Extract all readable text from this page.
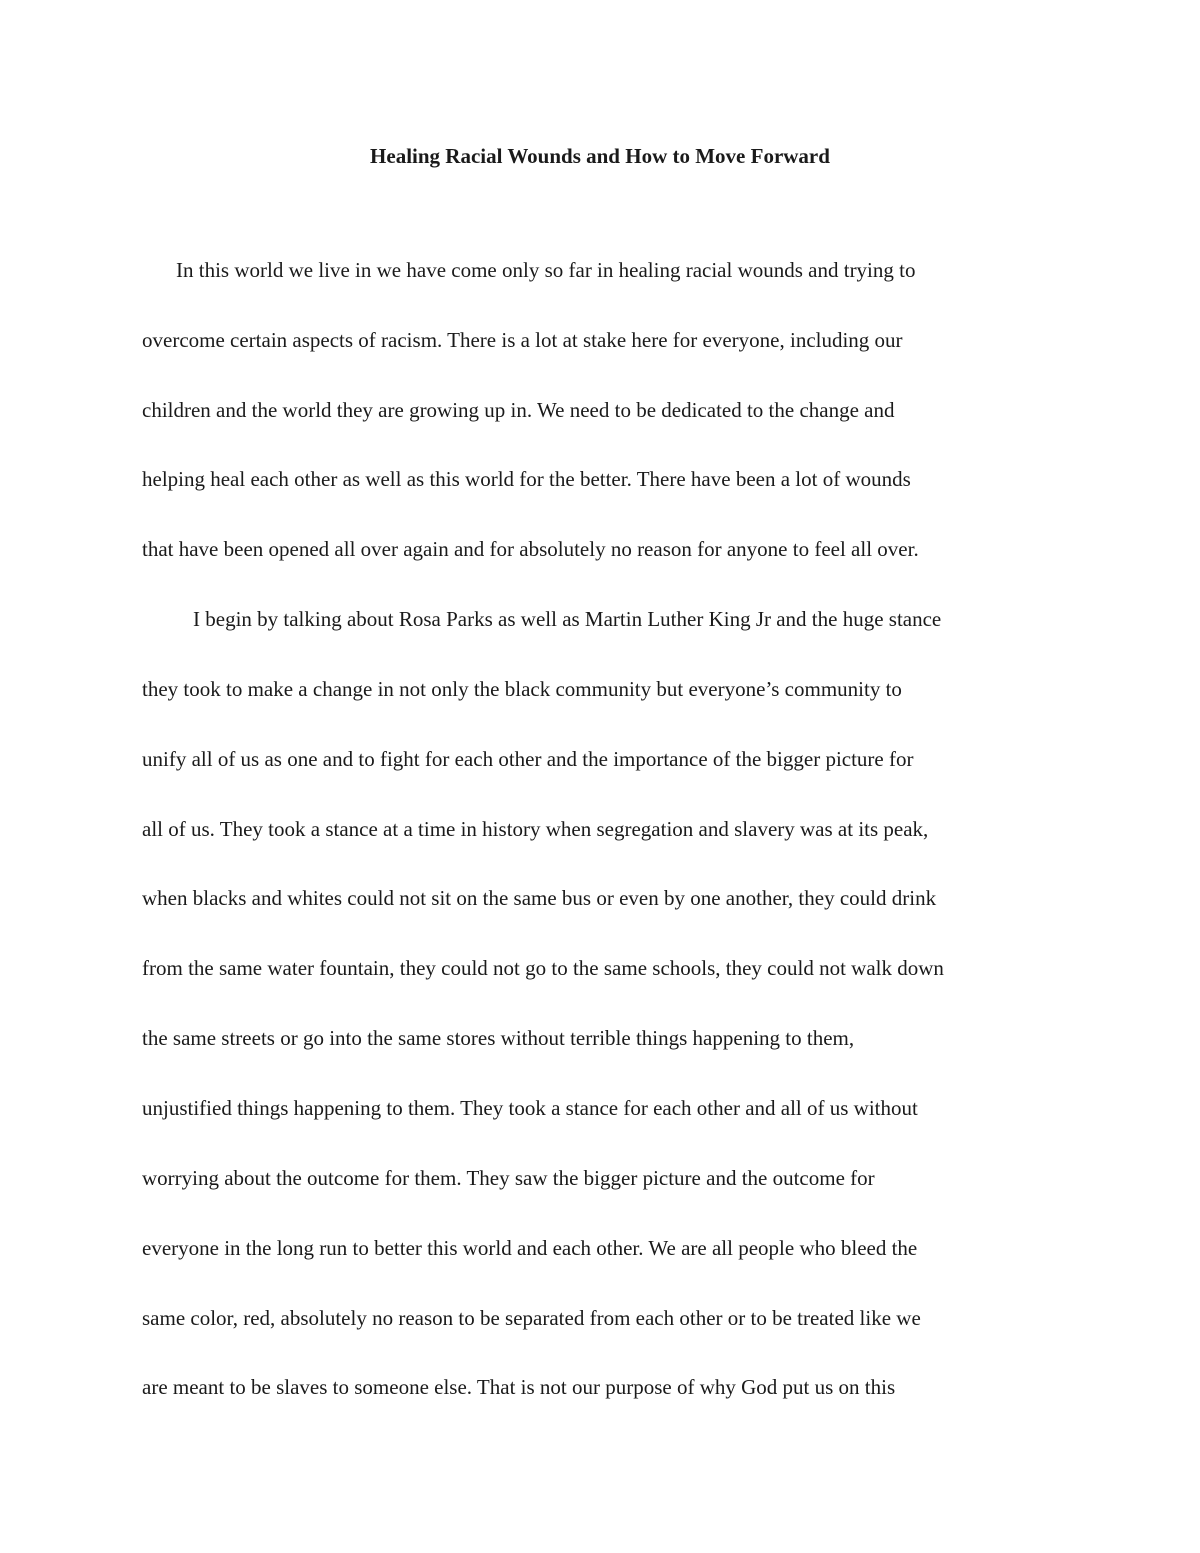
Healing Racial Wounds and How to Move Forward

In this world we live in we have come only so far in healing racial wounds and trying to

overcome certain aspects of racism. There is a lot at stake here for everyone, including our

children and the world they are growing up in. We need to be dedicated to the change and

helping heal each other as well as this world for the better. There have been a lot of wounds

that have been opened all over again and for absolutely no reason for anyone to feel all over.

I begin by talking about Rosa Parks as well as Martin Luther King Jr and the huge stance

they took to make a change in not only the black community but everyone’s community to

unify all of us as one and to fight for each other and the importance of the bigger picture for

all of us. They took a stance at a time in history when segregation and slavery was at its peak,

when blacks and whites could not sit on the same bus or even by one another, they could drink

from the same water fountain, they could not go to the same schools, they could not walk down

the same streets or go into the same stores without terrible things happening to them,

unjustified things happening to them. They took a stance for each other and all of us without

worrying about the outcome for them. They saw the bigger picture and the outcome for

everyone in the long run to better this world and each other. We are all people who bleed the

same color, red, absolutely no reason to be separated from each other or to be treated like we

are meant to be slaves to someone else. That is not our purpose of why God put us on this
